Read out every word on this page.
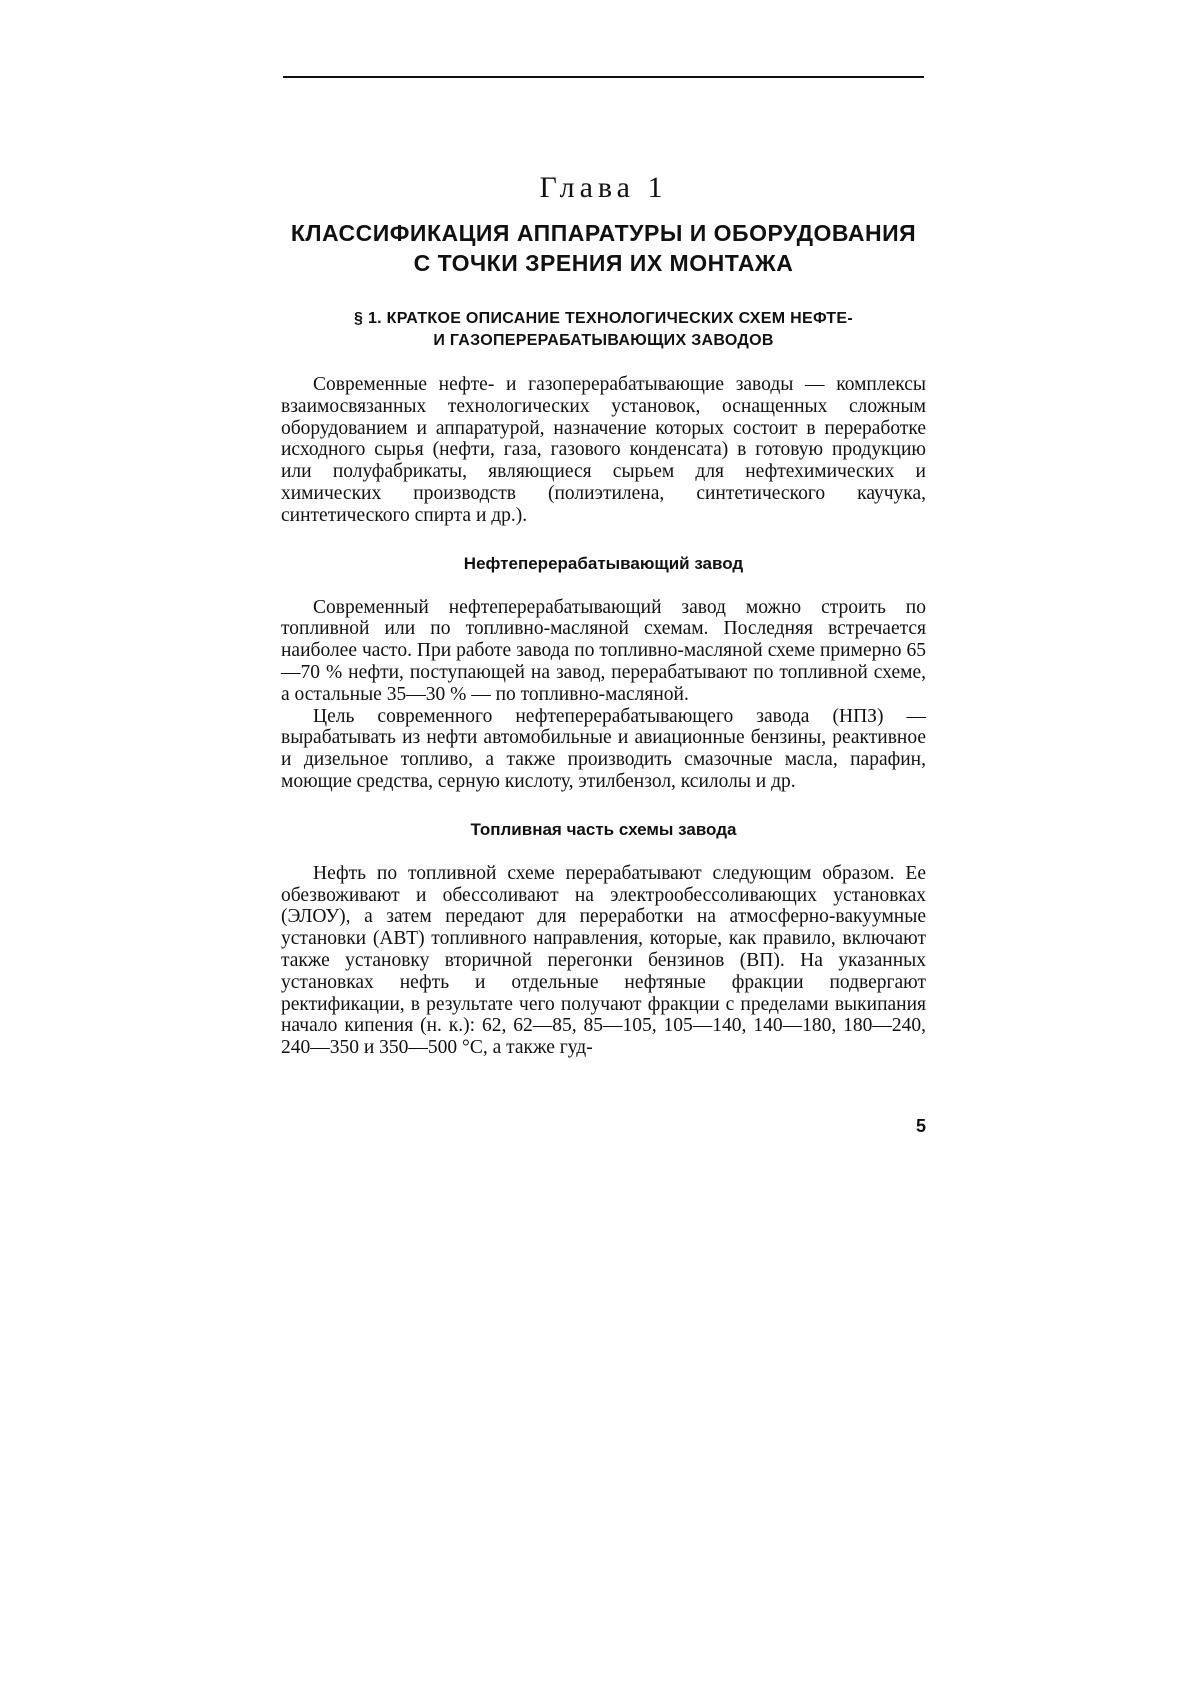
Глава 1
КЛАССИФИКАЦИЯ АППАРАТУРЫ И ОБОРУДОВАНИЯ
С ТОЧКИ ЗРЕНИЯ ИХ МОНТАЖА
§ 1. КРАТКОЕ ОПИСАНИЕ ТЕХНОЛОГИЧЕСКИХ СХЕМ НЕФТЕ-
И ГАЗОПЕРЕРАБАТЫВАЮЩИХ ЗАВОДОВ

Современные нефте- и газоперерабатывающие заводы — комплексы взаимосвязанных технологических установок, оснащенных сложным оборудованием и аппаратурой, назначение которых состоит в переработке исходного сырья (нефти, газа, газового конденсата) в готовую продукцию или полуфабрикаты, являющиеся сырьем для нефтехимических и химических производств (полиэтилена, синтетического каучука, синтетического спирта и др.).

Нефтеперерабатывающий завод

Современный нефтеперерабатывающий завод можно строить по топливной или по топливно-масляной схемам. Последняя встречается наиболее часто. При работе завода по топливно-масляной схеме примерно 65—70 % нефти, поступающей на завод, перерабатывают по топливной схеме, а остальные 35—30 % — по топливно-масляной.

Цель современного нефтеперерабатывающего завода (НПЗ) — вырабатывать из нефти автомобильные и авиационные бензины, реактивное и дизельное топливо, а также производить смазочные масла, парафин, моющие средства, серную кислоту, этилбензол, ксилолы и др.

Топливная часть схемы завода

Нефть по топливной схеме перерабатывают следующим образом. Ее обезвоживают и обессоливают на электрообессоливающих установках (ЭЛОУ), а затем передают для переработки на атмосферно-вакуумные установки (АВТ) топливного направления, которые, как правило, включают также установку вторичной перегонки бензинов (ВП). На указанных установках нефть и отдельные нефтяные фракции подвергают ректификации, в результате чего получают фракции с пределами выкипания начало кипения (н. к.): 62, 62—85, 85—105, 105—140, 140—180, 180—240, 240—350 и 350—500 °С, а также гуд-

5
